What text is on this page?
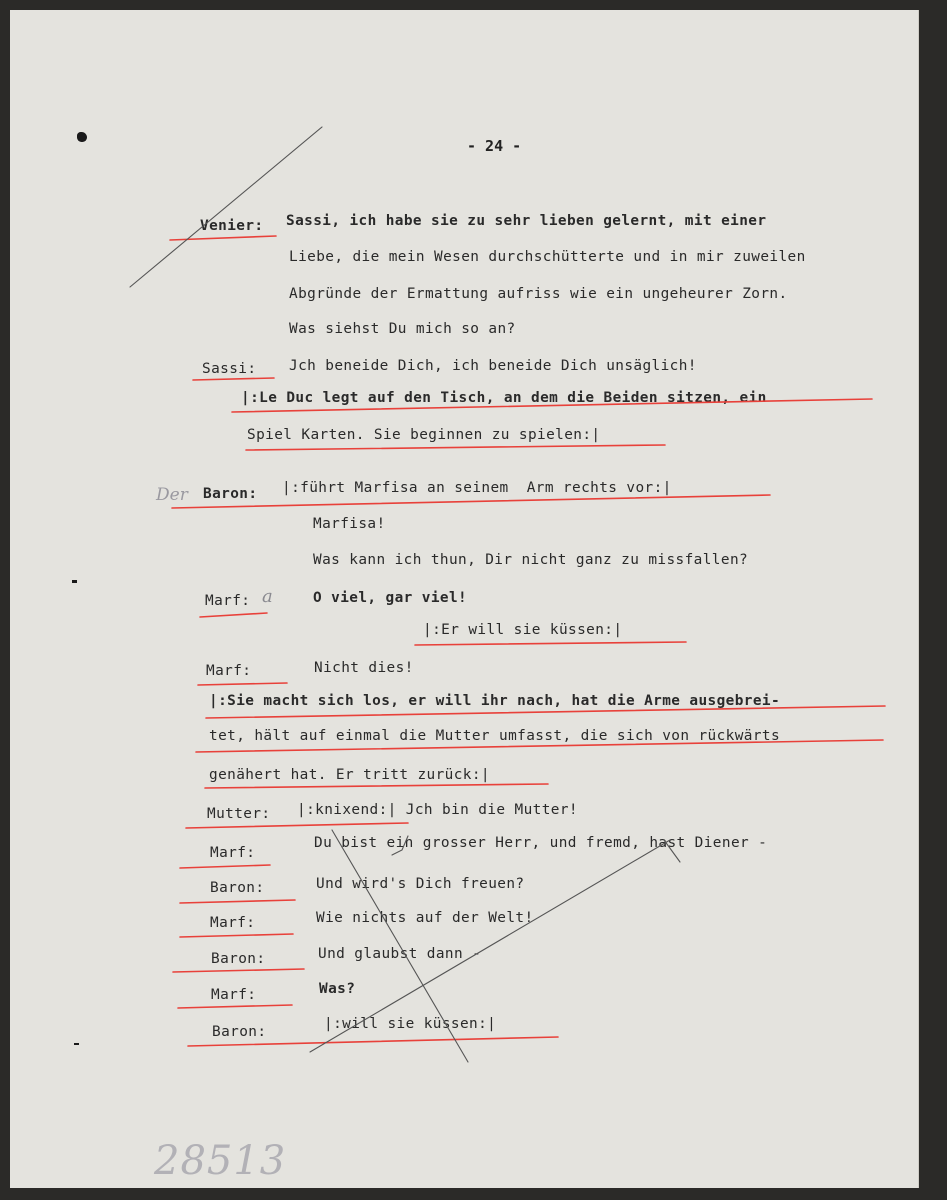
- 24 -
Venier: Sassi, ich habe sie zu sehr lieben gelernt, mit einer
Liebe, die mein Wesen durchschütterte und in mir zuweilen
Abgründe der Ermattung aufriss wie ein ungeheurer Zorn.
Was siehst Du mich so an?
Sassi: Jch beneide Dich, ich beneide Dich unsäglich!
|:Le Duc legt auf den Tisch, an dem die Beiden sitzen, ein
Spiel Karten. Sie beginnen zu spielen:|
Baron: |:führt Marfisa an seinem  Arm rechts vor:|
Marfisa!
Was kann ich thun, Dir nicht ganz zu missfallen?
Marf:	O viel, gar viel!
|:Er will sie küssen:|
Marf:	Nicht dies!
|:Sie macht sich los, er will ihr nach, hat die Arme ausgebrei-
tet, hält auf einmal die Mutter umfasst, die sich von rückwärts
genähert hat. Er tritt zurück:|
Mutter: |:knixend:| Jch bin die Mutter!
Marf:
Du bist ein grosser Herr, und fremd, hast Diener -
Baron:	Und wird's Dich freuen?
Marf:	Wie nichts auf der Welt!
Baron:	Und glaubst dann -
Marf:	Was?
Baron:	|:will sie küssen:|
Der
a
28513
